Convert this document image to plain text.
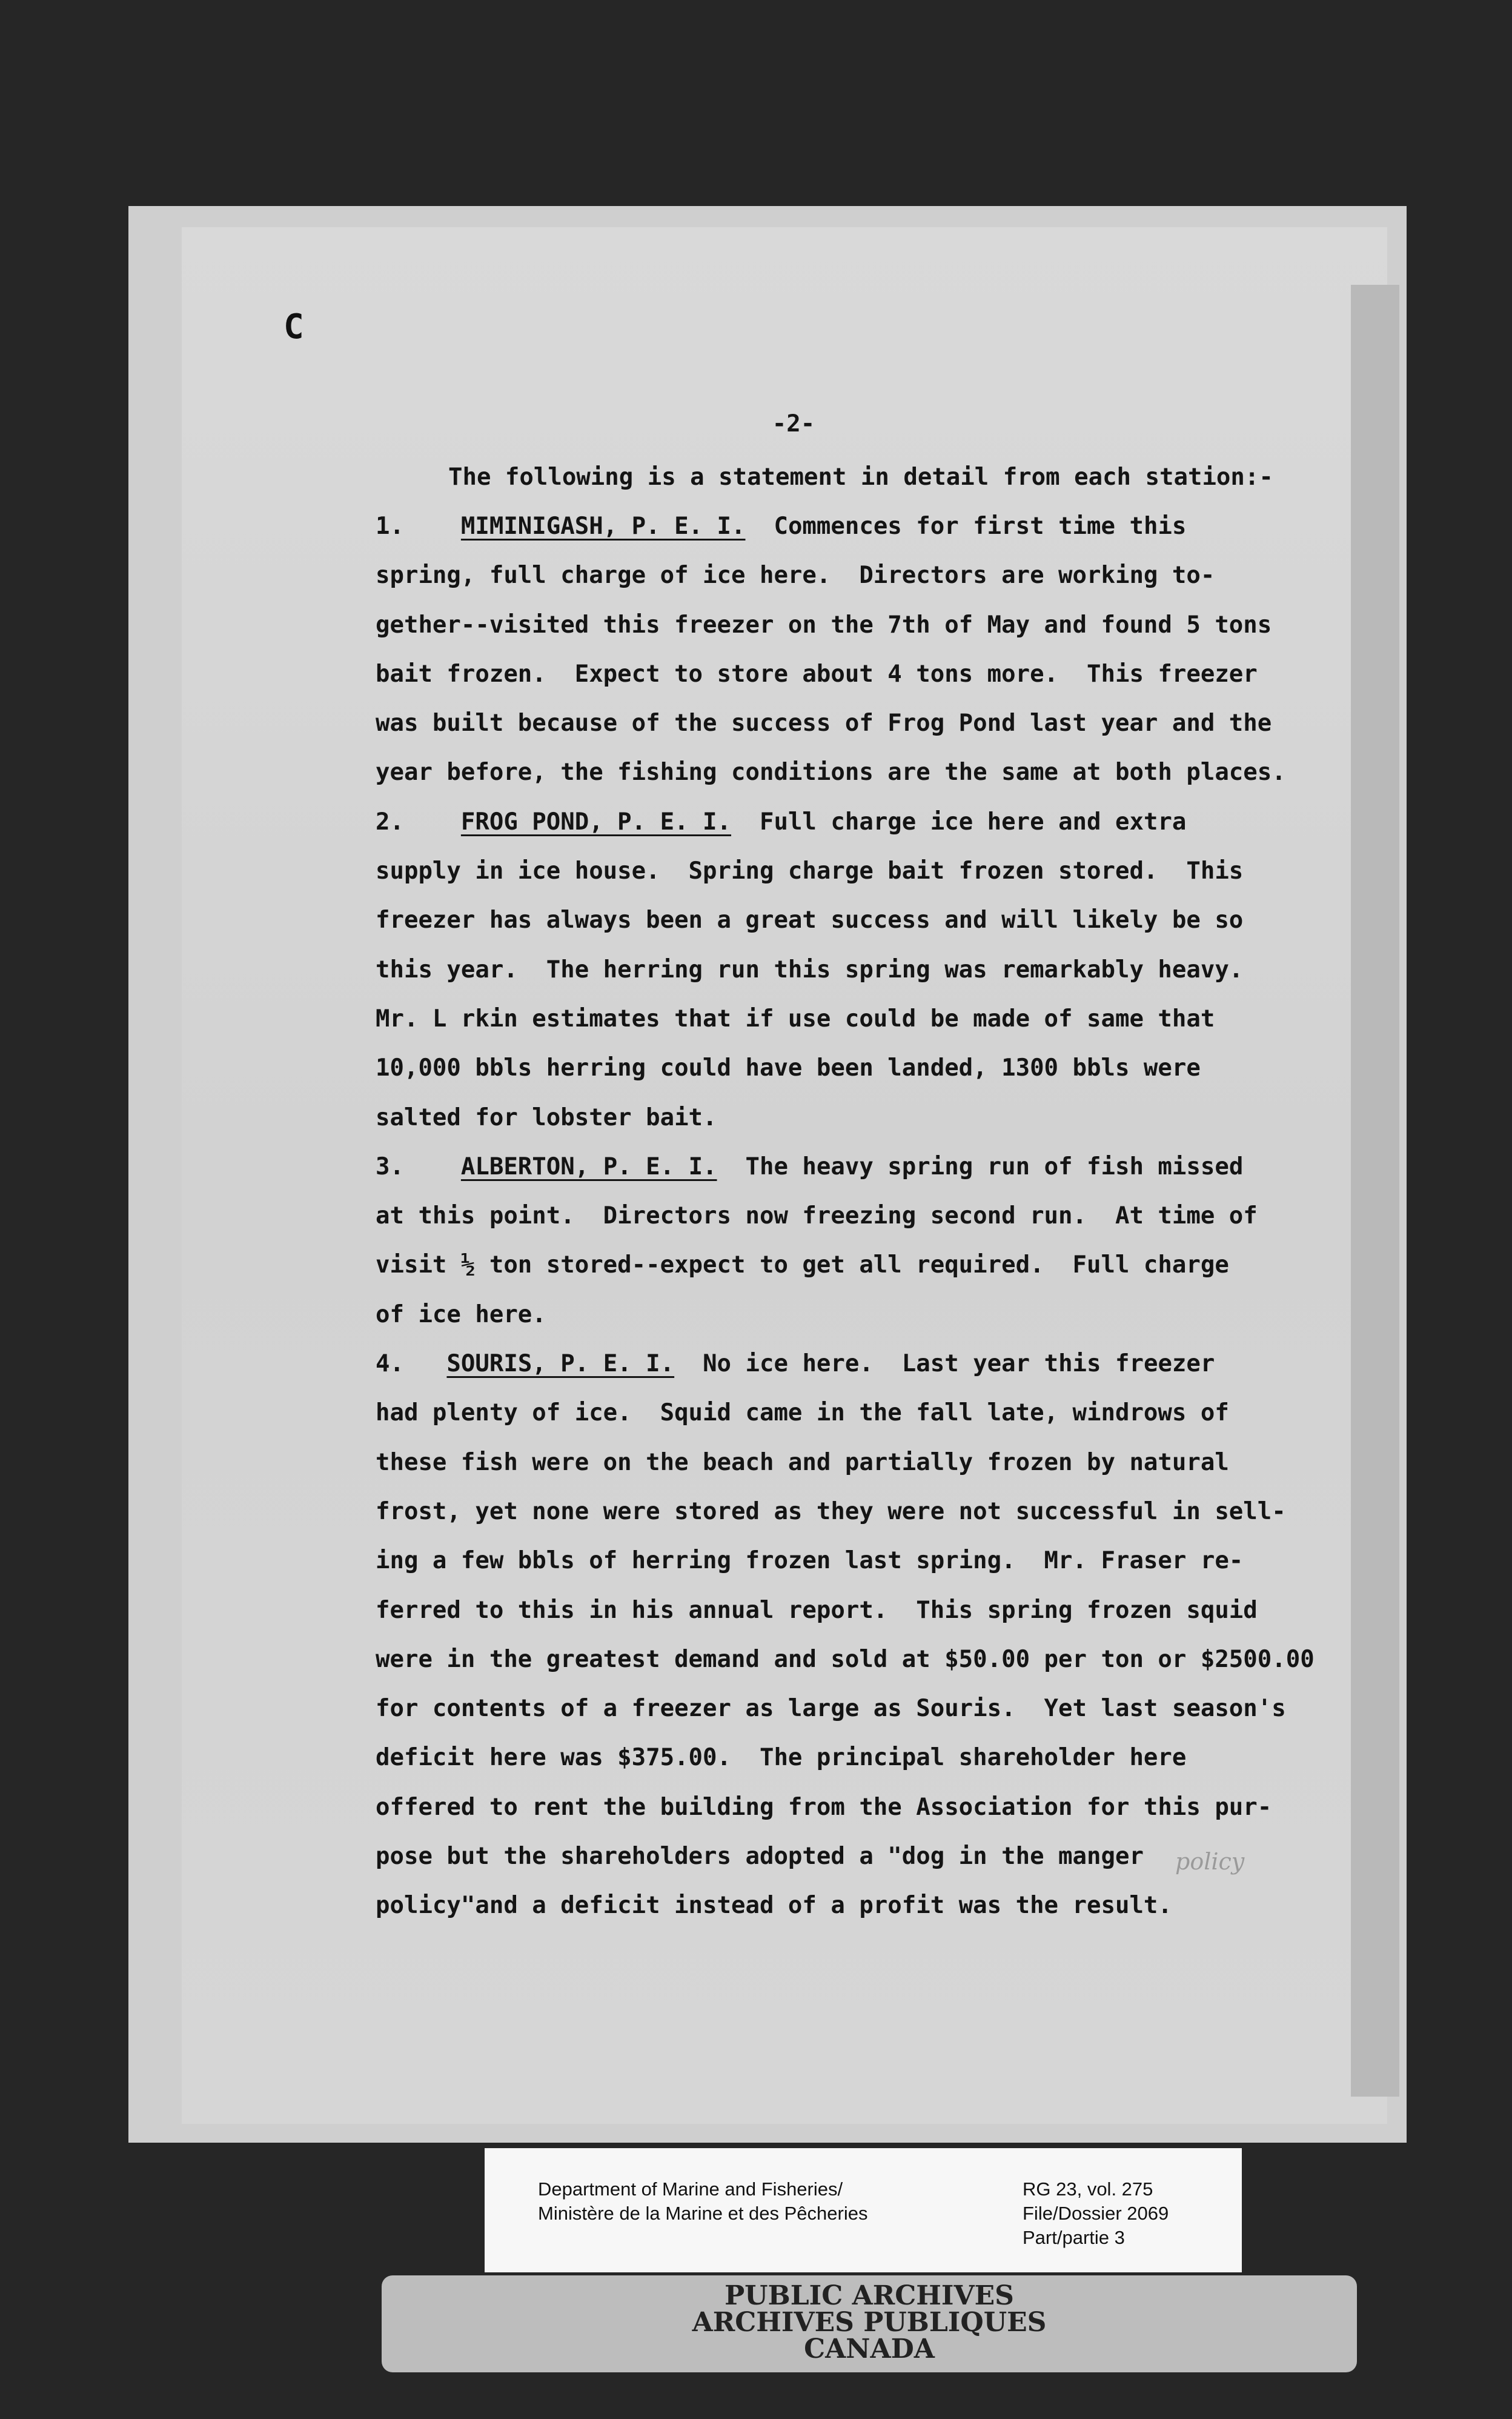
C
-2-
The following is a statement in detail from each station:-
1. MIMINIGASH, P. E. I. Commences for first time this
spring, full charge of ice here.  Directors are working to-
gether--visited this freezer on the 7th of May and found 5 tons
bait frozen.  Expect to store about 4 tons more.  This freezer
was built because of the success of Frog Pond last year and the
year before, the fishing conditions are the same at both places.
2. FROG POND, P. E. I. Full charge ice here and extra
supply in ice house.  Spring charge bait frozen stored.  This
freezer has always been a great success and will likely be so
this year.  The herring run this spring was remarkably heavy.
Mr. L rkin estimates that if use could be made of same that
10,000 bbls herring could have been landed, 1300 bbls were
salted for lobster bait.
3. ALBERTON, P. E. I. The heavy spring run of fish missed
at this point.  Directors now freezing second run.  At time of
visit ½ ton stored--expect to get all required.  Full charge
of ice here.
4. SOURIS, P. E. I. No ice here.  Last year this freezer
had plenty of ice.  Squid came in the fall late, windrows of
these fish were on the beach and partially frozen by natural
frost, yet none were stored as they were not successful in sell-
ing a few bbls of herring frozen last spring.  Mr. Fraser re-
ferred to this in his annual report.  This spring frozen squid
were in the greatest demand and sold at $50.00 per ton or $2500.00
for contents of a freezer as large as Souris.  Yet last season's
deficit here was $375.00.  The principal shareholder here
offered to rent the building from the Association for this pur-
pose but the shareholders adopted a "dog in the manger
policy"and a deficit instead of a profit was the result.
policy
Department of Marine and Fisheries/
Ministère de la Marine et des Pêcheries
RG 23, vol. 275
File/Dossier 2069
Part/partie 3
PUBLIC ARCHIVES
ARCHIVES PUBLIQUES
CANADA
